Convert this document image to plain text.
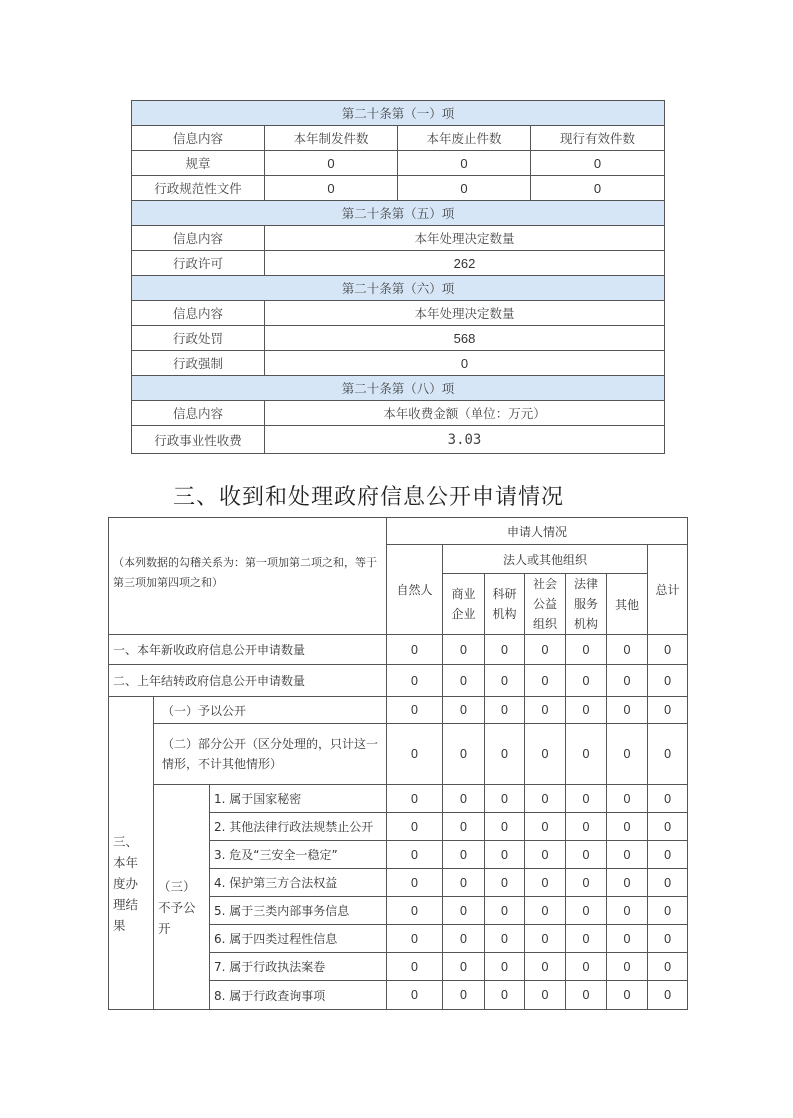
第二十条第（一）项			
信息内容	本年制发件数	本年废止件数	现行有效件数
规章	0	0	0
行政规范性文件	0	0	0
第二十条第（五）项			
信息内容	本年处理决定数量		
行政许可	262		
第二十条第（六）项			
信息内容	本年处理决定数量		
行政处罚	568		
行政强制	0		
第二十条第（八）项			
信息内容	本年收费金额（单位：万元）		
行政事业性收费	3.03		
三、收到和处理政府信息公开申请情况
（本列数据的勾稽关系为：第一项加第二项之和，等于第三项加第四项之和）			申请人情况						
			自然人	法人或其他组织					总计
				商业企业	科研机构	社会公益组织	法律服务机构	其他	
一、本年新收政府信息公开申请数量			0	0	0	0	0	0	0
二、上年结转政府信息公开申请数量			0	0	0	0	0	0	0

三、本年度办理结果	（一）予以公开		0	0	0	0	0	0	0
	（二）部分公开（区分处理的，只计这一情形，不计其他情形）		0	0	0	0	0	0	0

	（三）不予公开	1. 属于国家秘密	0	0	0	0	0	0	0

		2. 其他法律行政法规禁止公开	0	0	0	0	0	0	0
		3. 危及“三安全一稳定”	0	0	0	0	0	0	0
		4. 保护第三方合法权益	0	0	0	0	0	0	0
		5. 属于三类内部事务信息	0	0	0	0	0	0	0
		6. 属于四类过程性信息	0	0	0	0	0	0	0
		7. 属于行政执法案卷	0	0	0	0	0	0	0
		8. 属于行政查询事项	0	0	0	0	0	0	0
